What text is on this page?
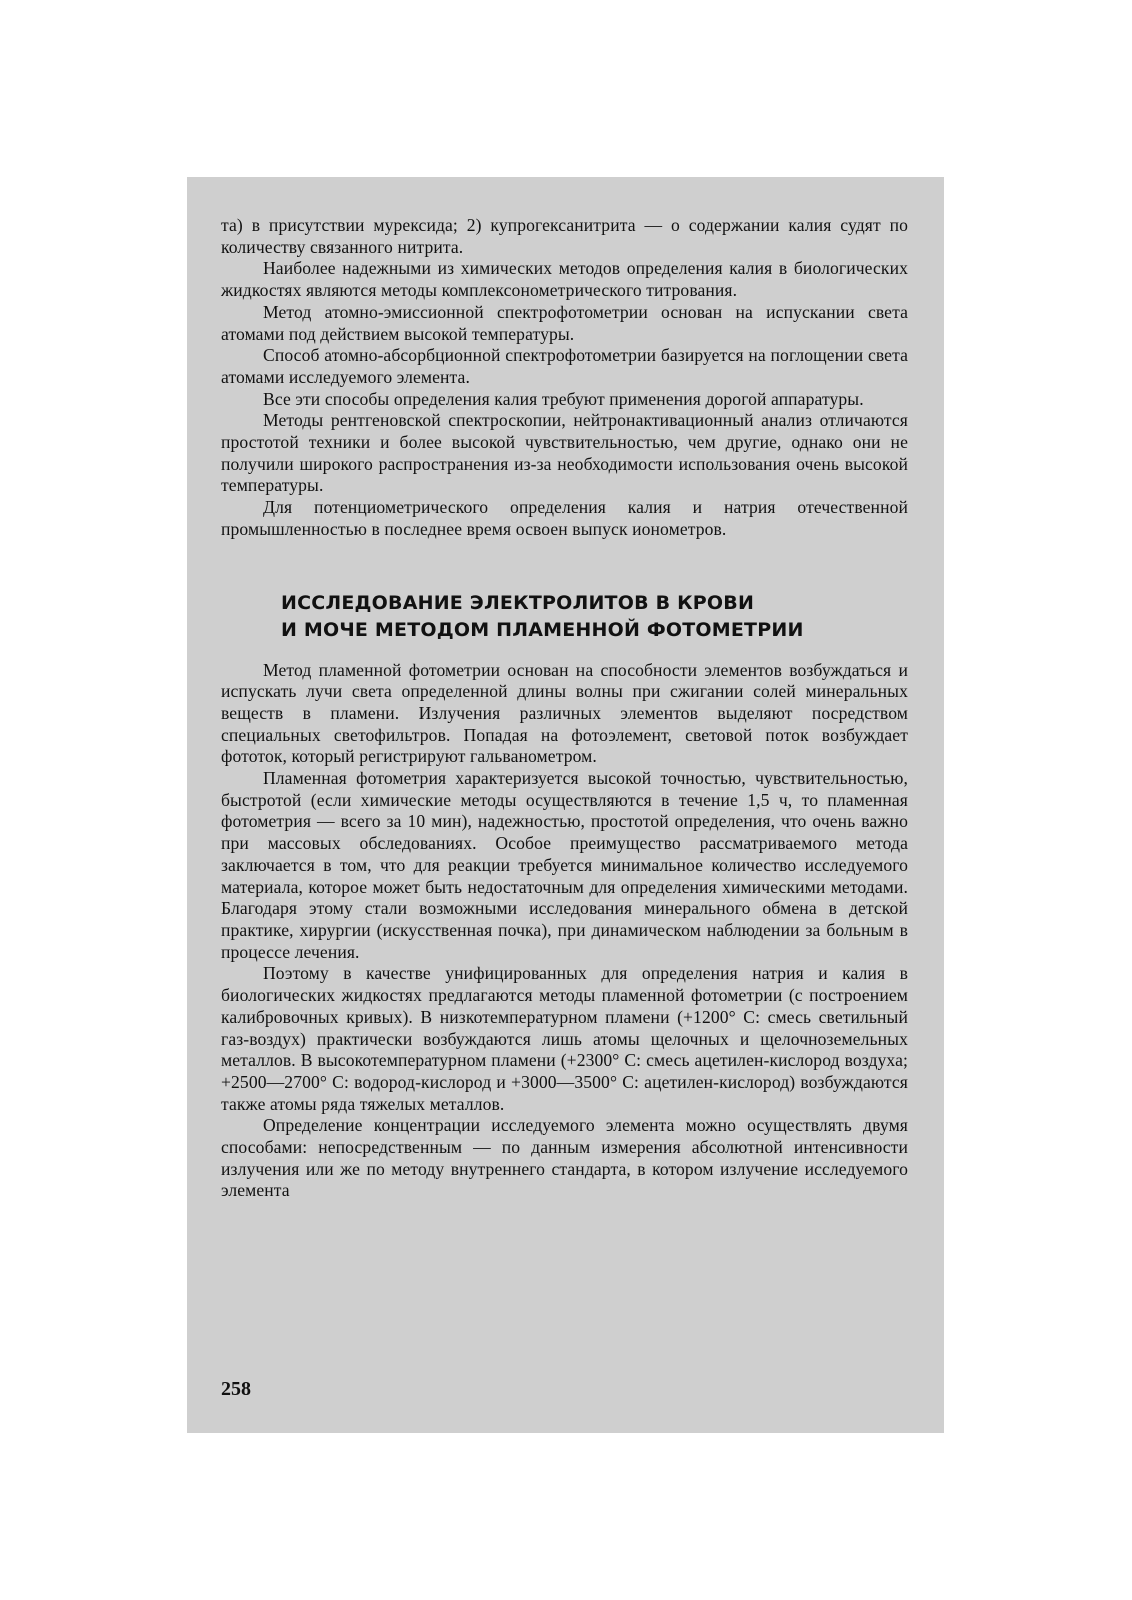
та) в присутствии мурексида; 2) купрогексанитрита — о содержании калия судят по количеству связанного нитрита.

Наиболее надежными из химических методов определения калия в биологических жидкостях являются методы комплексонометрического титрования.

Метод атомно-эмиссионной спектрофотометрии основан на испускании света атомами под действием высокой температуры.

Способ атомно-абсорбционной спектрофотометрии базируется на поглощении света атомами исследуемого элемента.

Все эти способы определения калия требуют применения дорогой аппаратуры.

Методы рентгеновской спектроскопии, нейтронактивационный анализ отличаются простотой техники и более высокой чувствительностью, чем другие, однако они не получили широкого распространения из-за необходимости использования очень высокой температуры.

Для потенциометрического определения калия и натрия отечественной промышленностью в последнее время освоен выпуск ионометров.

ИССЛЕДОВАНИЕ ЭЛЕКТРОЛИТОВ В КРОВИ
И МОЧЕ МЕТОДОМ ПЛАМЕННОЙ ФОТОМЕТРИИ

Метод пламенной фотометрии основан на способности элементов возбуждаться и испускать лучи света определенной длины волны при сжигании солей минеральных веществ в пламени. Излучения различных элементов выделяют посредством специальных светофильтров. Попадая на фотоэлемент, световой поток возбуждает фототок, который регистрируют гальванометром.

Пламенная фотометрия характеризуется высокой точностью, чувствительностью, быстротой (если химические методы осуществляются в течение 1,5 ч, то пламенная фотометрия — всего за 10 мин), надежностью, простотой определения, что очень важно при массовых обследованиях. Особое преимущество рассматриваемого метода заключается в том, что для реакции требуется минимальное количество исследуемого материала, которое может быть недостаточным для определения химическими методами. Благодаря этому стали возможными исследования минерального обмена в детской практике, хирургии (искусственная почка), при динамическом наблюдении за больным в процессе лечения.

Поэтому в качестве унифицированных для определения натрия и калия в биологических жидкостях предлагаются методы пламенной фотометрии (с построением калибровочных кривых). В низкотемпературном пламени (+1200° С: смесь светильный газ-воздух) практически возбуждаются лишь атомы щелочных и щелочноземельных металлов. В высокотемпературном пламени (+2300° С: смесь ацетилен-кислород воздуха; +2500—2700° С: водород-кислород и +3000—3500° С: ацетилен-кислород) возбуждаются также атомы ряда тяжелых металлов.

Определение концентрации исследуемого элемента можно осуществлять двумя способами: непосредственным — по данным измерения абсолютной интенсивности излучения или же по методу внутреннего стандарта, в котором излучение исследуемого элемента

258
